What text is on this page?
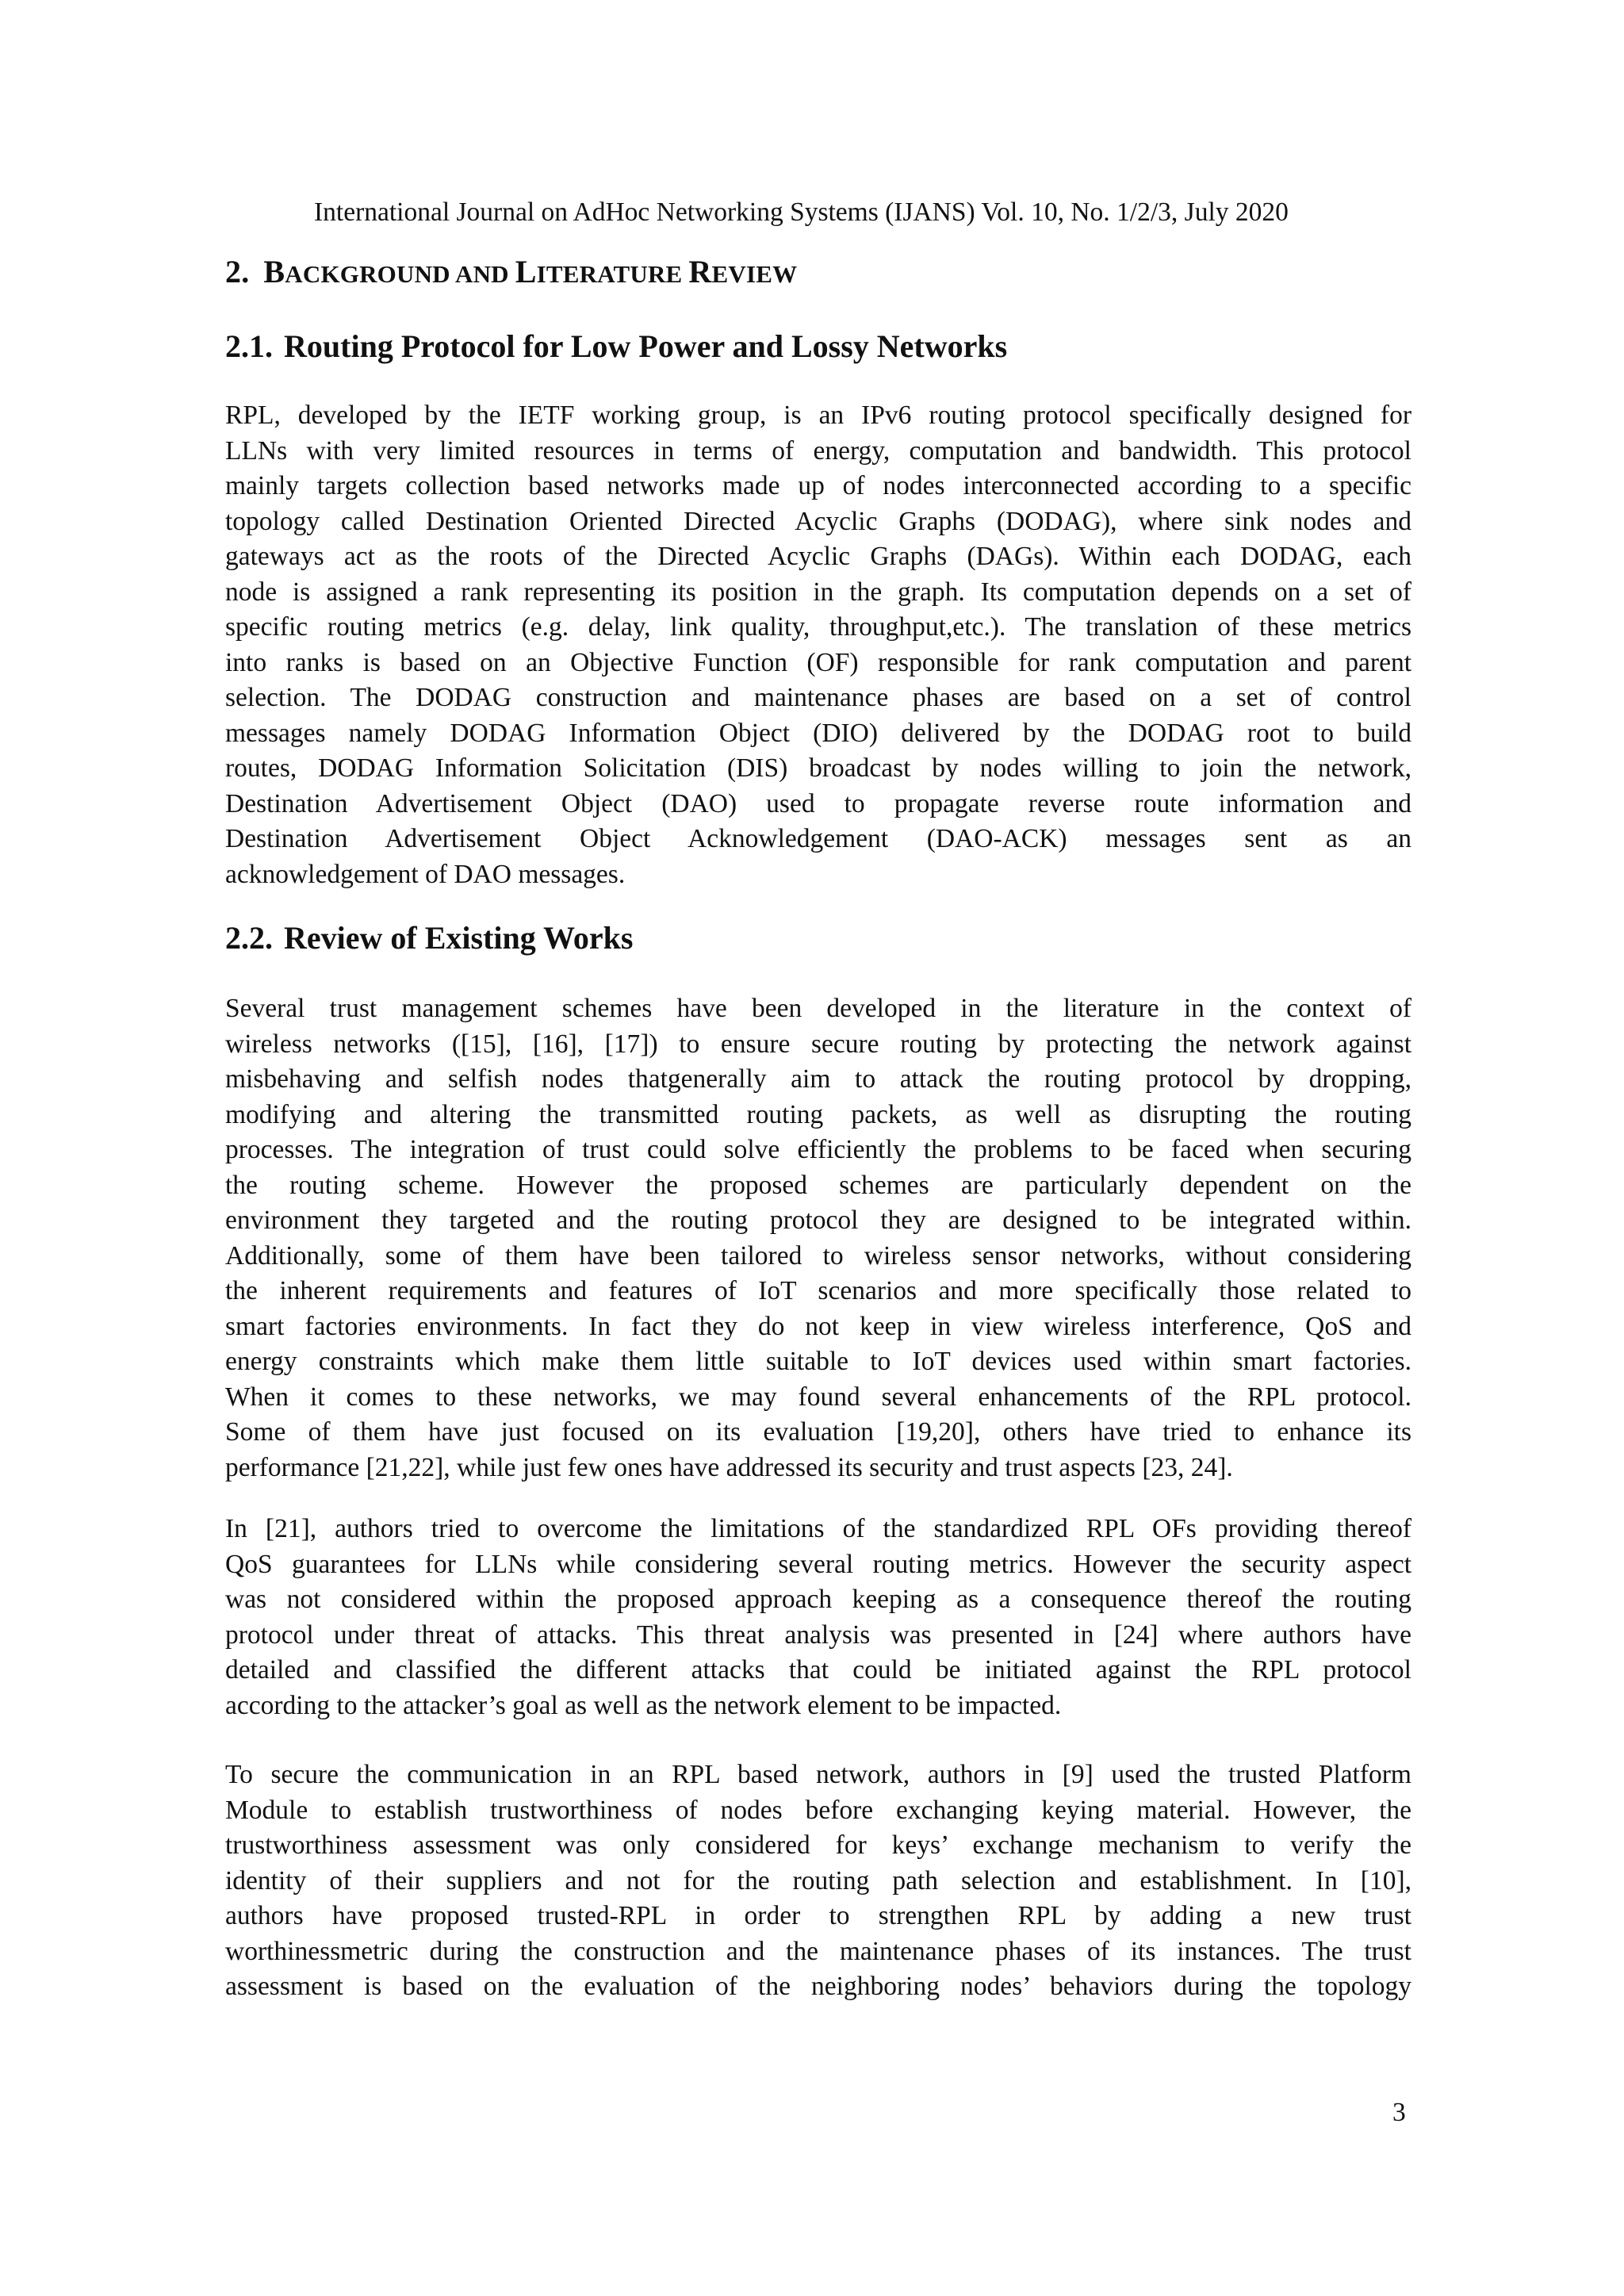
International Journal on AdHoc Networking Systems (IJANS) Vol. 10, No. 1/2/3, July 2020
2. BACKGROUND AND LITERATURE REVIEW
2.1. Routing Protocol for Low Power and Lossy Networks
RPL, developed by the IETF working group, is an IPv6 routing protocol specifically designed for
LLNs with very limited resources in terms of energy, computation and bandwidth. This protocol
mainly targets collection based networks made up of nodes interconnected according to a specific
topology called Destination Oriented Directed Acyclic Graphs (DODAG), where sink nodes and
gateways act as the roots of the Directed Acyclic Graphs (DAGs). Within each DODAG, each
node is assigned a rank representing its position in the graph. Its computation depends on a set of
specific routing metrics (e.g. delay, link quality, throughput,etc.). The translation of these metrics
into ranks is based on an Objective Function (OF) responsible for rank computation and parent
selection. The DODAG construction and maintenance phases are based on a set of control
messages namely DODAG Information Object (DIO) delivered by the DODAG root to build
routes, DODAG Information Solicitation (DIS) broadcast by nodes willing to join the network,
Destination Advertisement Object (DAO) used to propagate reverse route information and
Destination Advertisement Object Acknowledgement (DAO-ACK) messages sent as an
acknowledgement of DAO messages.
2.2. Review of Existing Works
Several trust management schemes have been developed in the literature in the context of
wireless networks ([15], [16], [17]) to ensure secure routing by protecting the network against
misbehaving and selfish nodes thatgenerally aim to attack the routing protocol by dropping,
modifying and altering the transmitted routing packets, as well as disrupting the routing
processes. The integration of trust could solve efficiently the problems to be faced when securing
the routing scheme. However the proposed schemes are particularly dependent on the
environment they targeted and the routing protocol they are designed to be integrated within.
Additionally, some of them have been tailored to wireless sensor networks, without considering
the inherent requirements and features of IoT scenarios and more specifically those related to
smart factories environments. In fact they do not keep in view wireless interference, QoS and
energy constraints which make them little suitable to IoT devices used within smart factories.
When it comes to these networks, we may found several enhancements of the RPL protocol.
Some of them have just focused on its evaluation [19,20], others have tried to enhance its
performance [21,22], while just few ones have addressed its security and trust aspects [23, 24].
In [21], authors tried to overcome the limitations of the standardized RPL OFs providing thereof
QoS guarantees for LLNs while considering several routing metrics. However the security aspect
was not considered within the proposed approach keeping as a consequence thereof the routing
protocol under threat of attacks. This threat analysis was presented in [24] where authors have
detailed and classified the different attacks that could be initiated against the RPL protocol
according to the attacker’s goal as well as the network element to be impacted.
To secure the communication in an RPL based network, authors in [9] used the trusted Platform
Module to establish trustworthiness of nodes before exchanging keying material. However, the
trustworthiness assessment was only considered for keys’ exchange mechanism to verify the
identity of their suppliers and not for the routing path selection and establishment. In [10],
authors have proposed trusted-RPL in order to strengthen RPL by adding a new trust
worthinessmetric during the construction and the maintenance phases of its instances. The trust
assessment is based on the evaluation of the neighboring nodes’ behaviors during the topology
3
